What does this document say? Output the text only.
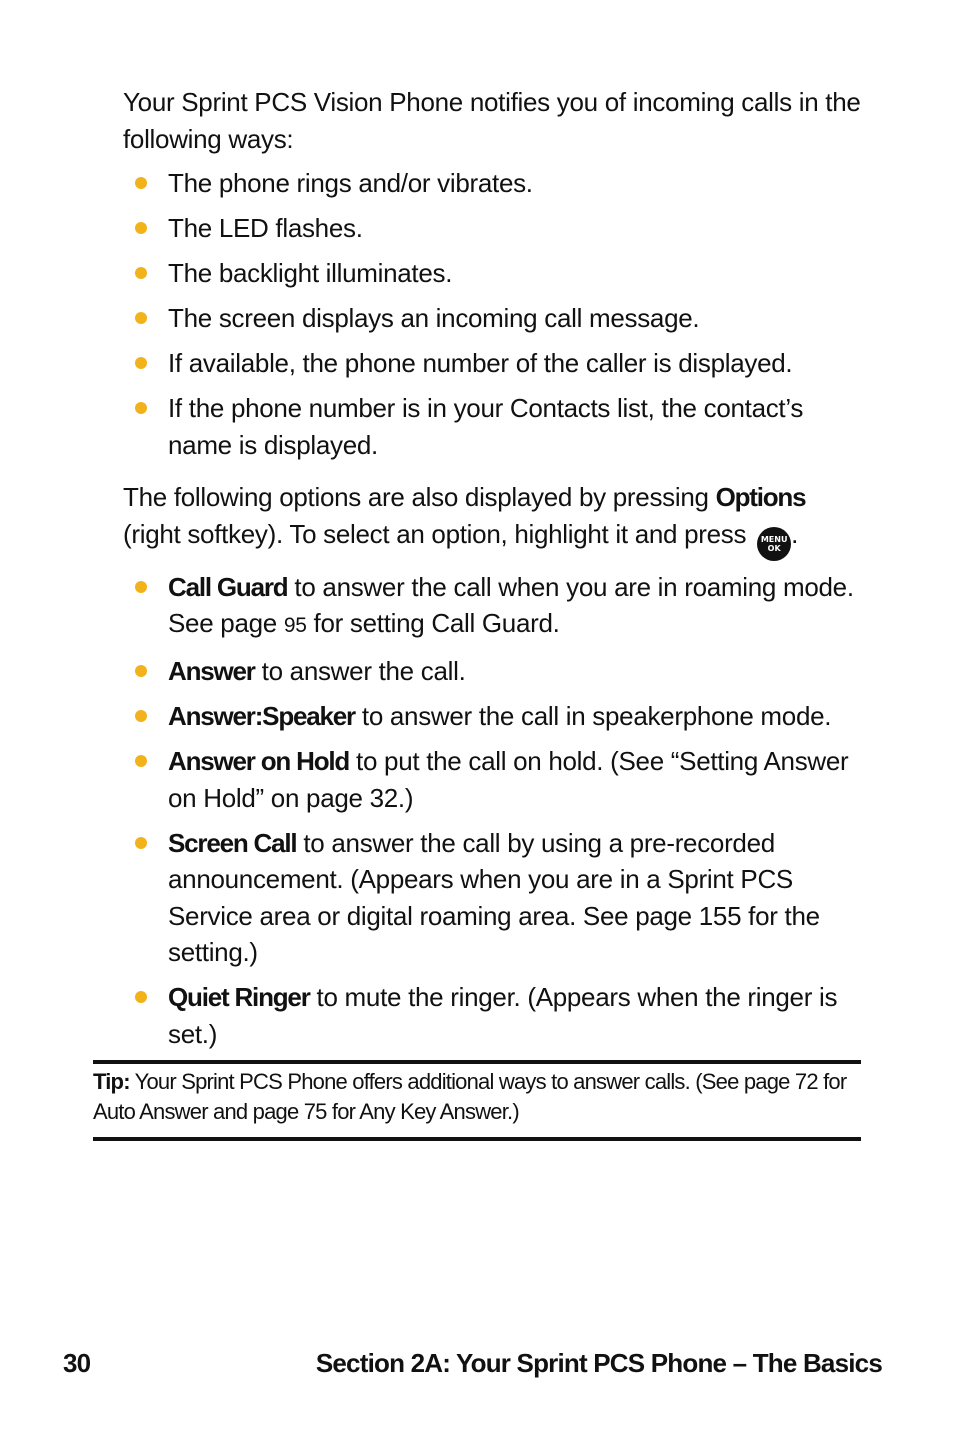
Your Sprint PCS Vision Phone notifies you of incoming calls in the following ways:

The phone rings and/or vibrates.
The LED flashes.
The backlight illuminates.
The screen displays an incoming call message.
If available, the phone number of the caller is displayed.
If the phone number is in your Contacts list, the contact’s name is displayed.

The following options are also displayed by pressing Options (right softkey). To select an option, highlight it and press MENU
OK .

Call Guard to answer the call when you are in roaming mode. See page 95 for setting Call Guard.
Answer to answer the call.
Answer:Speaker to answer the call in speakerphone mode.
Answer on Hold to put the call on hold. (See “Setting Answer on Hold” on page 32.)
Screen Call to answer the call by using a pre-recorded announcement. (Appears when you are in a Sprint PCS Service area or digital roaming area. See page 155 for the setting.)
Quiet Ringer to mute the ringer. (Appears when the ringer is set.)
Tip: Your Sprint PCS Phone offers additional ways to answer calls. (See page 72 for Auto Answer and page 75 for Any Key Answer.)
30	Section 2A: Your Sprint PCS Phone – The Basics
